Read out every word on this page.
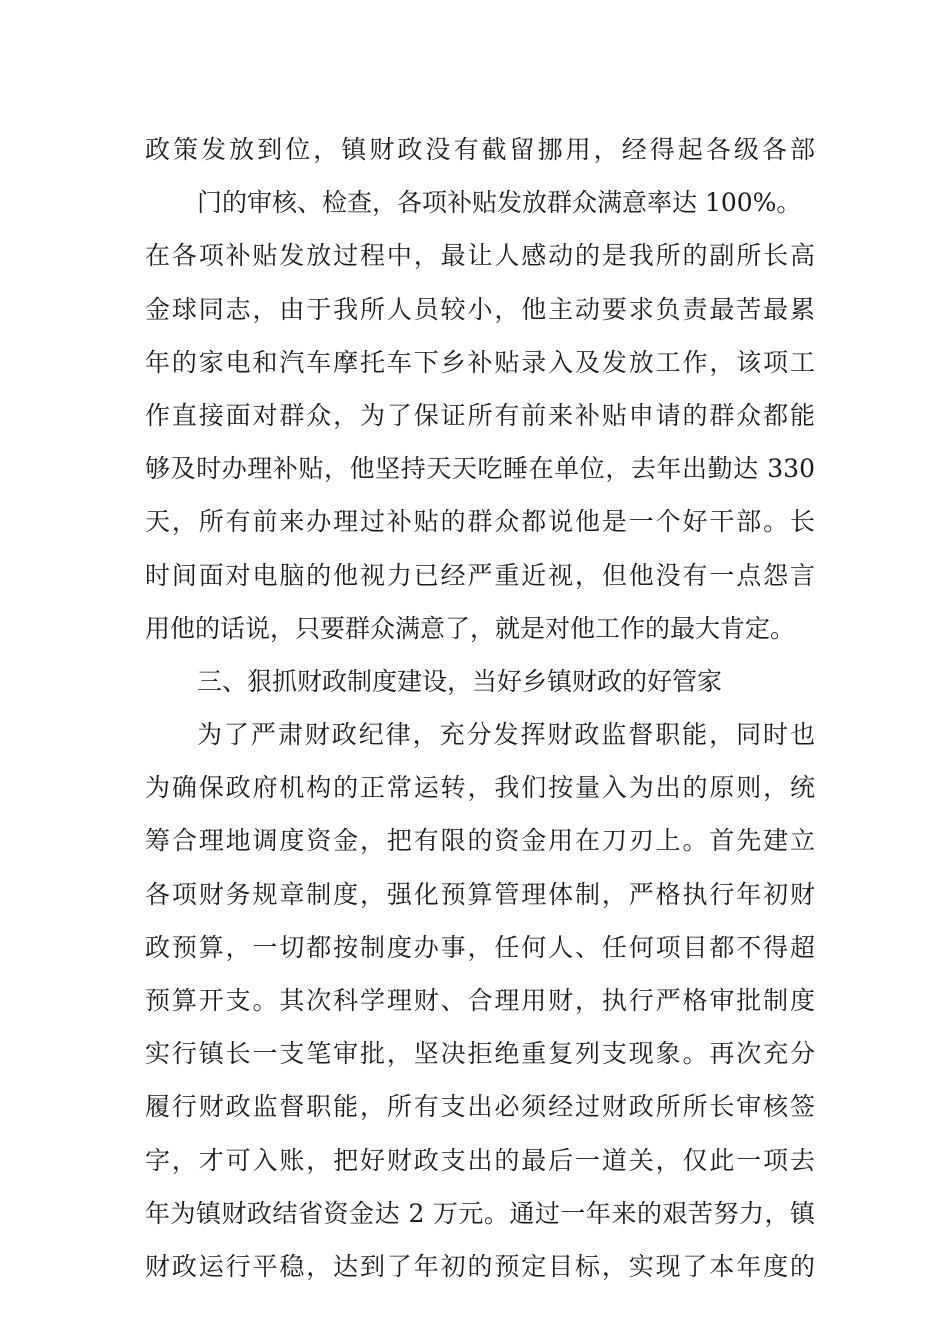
政策发放到位，镇财政没有截留挪用，经得起各级各部
门的审核、检查，各项补贴发放群众满意率达 100%。
在各项补贴发放过程中，最让人感动的是我所的副所长高
金球同志，由于我所人员较小，他主动要求负责最苦最累
年的家电和汽车摩托车下乡补贴录入及发放工作，该项工
作直接面对群众，为了保证所有前来补贴申请的群众都能
够及时办理补贴，他坚持天天吃睡在单位，去年出勤达 330
天，所有前来办理过补贴的群众都说他是一个好干部。长
时间面对电脑的他视力已经严重近视，但他没有一点怨言
用他的话说，只要群众满意了，就是对他工作的最大肯定。
三、狠抓财政制度建设，当好乡镇财政的好管家
为了严肃财政纪律，充分发挥财政监督职能，同时也
为确保政府机构的正常运转，我们按量入为出的原则，统
筹合理地调度资金，把有限的资金用在刀刃上。首先建立
各项财务规章制度，强化预算管理体制，严格执行年初财
政预算，一切都按制度办事，任何人、任何项目都不得超
预算开支。其次科学理财、合理用财，执行严格审批制度
实行镇长一支笔审批，坚决拒绝重复列支现象。再次充分
履行财政监督职能，所有支出必须经过财政所所长审核签
字，才可入账，把好财政支出的最后一道关，仅此一项去
年为镇财政结省资金达 2 万元。通过一年来的艰苦努力，镇
财政运行平稳，达到了年初的预定目标，实现了本年度的
